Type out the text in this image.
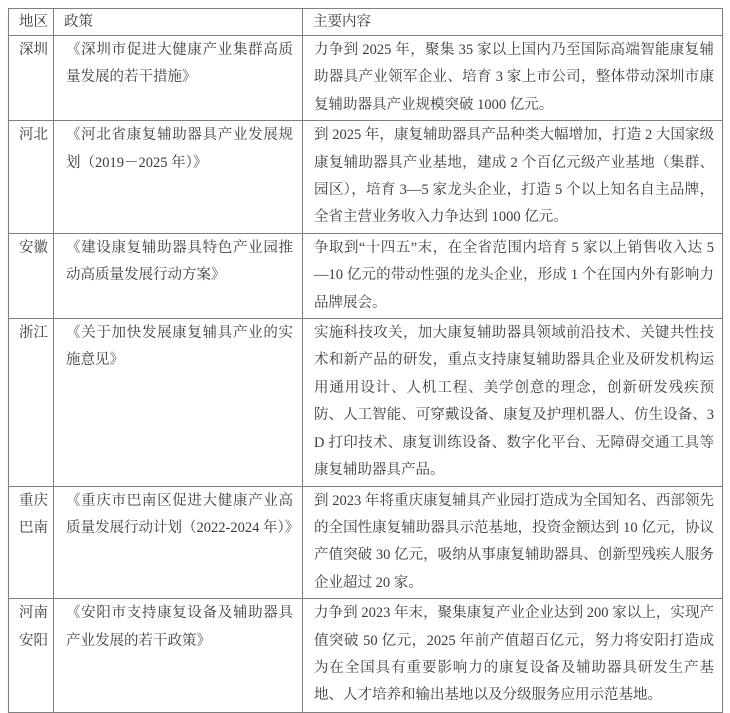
地区	政策	主要内容
深圳	《深圳市促进大健康产业集群高质量发展的若干措施》	力争到 2025 年，聚集 35 家以上国内乃至国际高端智能康复辅助器具产业领军企业、培育 3 家上市公司，整体带动深圳市康复辅助器具产业规模突破 1000 亿元。
河北	《河北省康复辅助器具产业发展规划（2019－2025 年）》	到 2025 年，康复辅助器具产品种类大幅增加，打造 2 大国家级康复辅助器具产业基地，建成 2 个百亿元级产业基地（集群、园区），培育 3—5 家龙头企业，打造 5 个以上知名自主品牌，全省主营业务收入力争达到 1000 亿元。
安徽	《建设康复辅助器具特色产业园推动高质量发展行动方案》	争取到“十四五”末，在全省范围内培育 5 家以上销售收入达 5—10 亿元的带动性强的龙头企业，形成 1 个在国内外有影响力品牌展会。
浙江	《关于加快发展康复辅具产业的实施意见》	实施科技攻关，加大康复辅助器具领域前沿技术、关键共性技术和新产品的研发，重点支持康复辅助器具企业及研发机构运用通用设计、人机工程、美学创意的理念，创新研发残疾预防、人工智能、可穿戴设备、康复及护理机器人、仿生设备、3D 打印技术、康复训练设备、数字化平台、无障碍交通工具等康复辅助器具产品。
重庆巴南	《重庆市巴南区促进大健康产业高质量发展行动计划（2022-2024 年）》	到 2023 年将重庆康复辅具产业园打造成为全国知名、西部领先的全国性康复辅助器具示范基地，投资金额达到 10 亿元，协议产值突破 30 亿元，吸纳从事康复辅助器具、创新型残疾人服务企业超过 20 家。
河南安阳	《安阳市支持康复设备及辅助器具产业发展的若干政策》	力争到 2023 年末，聚集康复产业企业达到 200 家以上，实现产值突破 50 亿元，2025 年前产值超百亿元，努力将安阳打造成为在全国具有重要影响力的康复设备及辅助器具研发生产基地、人才培养和输出基地以及分级服务应用示范基地。
